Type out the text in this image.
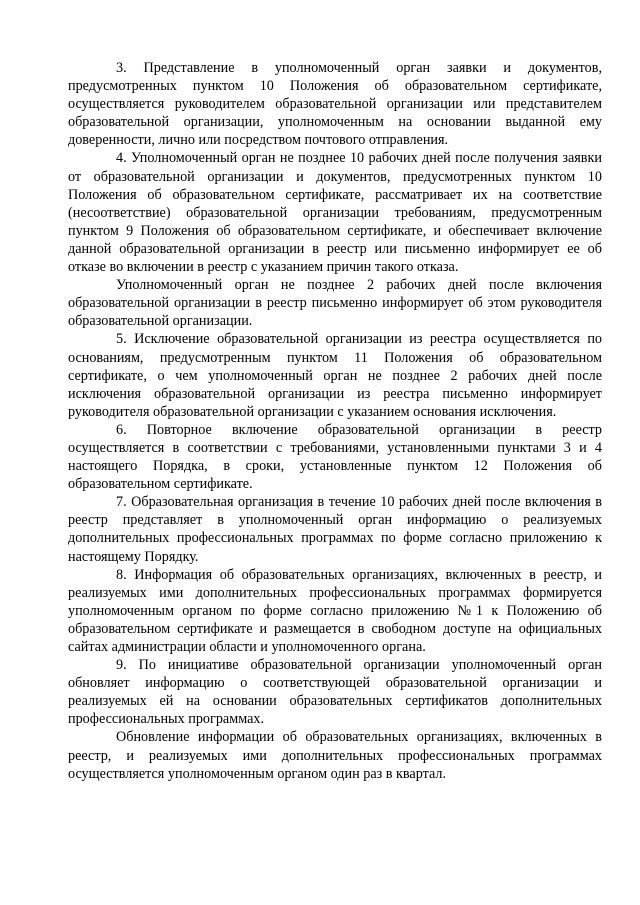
3. Представление в уполномоченный орган заявки и документов, предусмотренных пунктом 10 Положения об образовательном сертификате, осуществляется руководителем образовательной организации или представителем образовательной организации, уполномоченным на основании выданной ему доверенности, лично или посредством почтового отправления.

4. Уполномоченный орган не позднее 10 рабочих дней после получения заявки от образовательной организации и документов, предусмотренных пунктом 10 Положения об образовательном сертификате, рассматривает их на соответствие (несоответствие) образовательной организации требованиям, предусмотренным пунктом 9 Положения об образовательном сертификате, и обеспечивает включение данной образовательной организации в реестр или письменно информирует ее об отказе во включении в реестр с указанием причин такого отказа.

Уполномоченный орган не позднее 2 рабочих дней после включения образовательной организации в реестр письменно информирует об этом руководителя образовательной организации.

5. Исключение образовательной организации из реестра осуществляется по основаниям, предусмотренным пунктом 11 Положения об образовательном сертификате, о чем уполномоченный орган не позднее 2 рабочих дней после исключения образовательной организации из реестра письменно информирует руководителя образовательной организации с указанием основания исключения.

6. Повторное включение образовательной организации в реестр осуществляется в соответствии с требованиями, установленными пунктами 3 и 4 настоящего Порядка, в сроки, установленные пунктом 12 Положения об образовательном сертификате.

7. Образовательная организация в течение 10 рабочих дней после включения в реестр представляет в уполномоченный орган информацию о реализуемых дополнительных профессиональных программах по форме согласно приложению к настоящему Порядку.

8. Информация об образовательных организациях, включенных в реестр, и реализуемых ими дополнительных профессиональных программах формируется уполномоченным органом по форме согласно приложению №1 к Положению об образовательном сертификате и размещается в свободном доступе на официальных сайтах администрации области и уполномоченного органа.

9. По инициативе образовательной организации уполномоченный орган обновляет информацию о соответствующей образовательной организации и реализуемых ей на основании образовательных сертификатов дополнительных профессиональных программах.

Обновление информации об образовательных организациях, включенных в реестр, и реализуемых ими дополнительных профессиональных программах осуществляется уполномоченным органом один раз в квартал.
